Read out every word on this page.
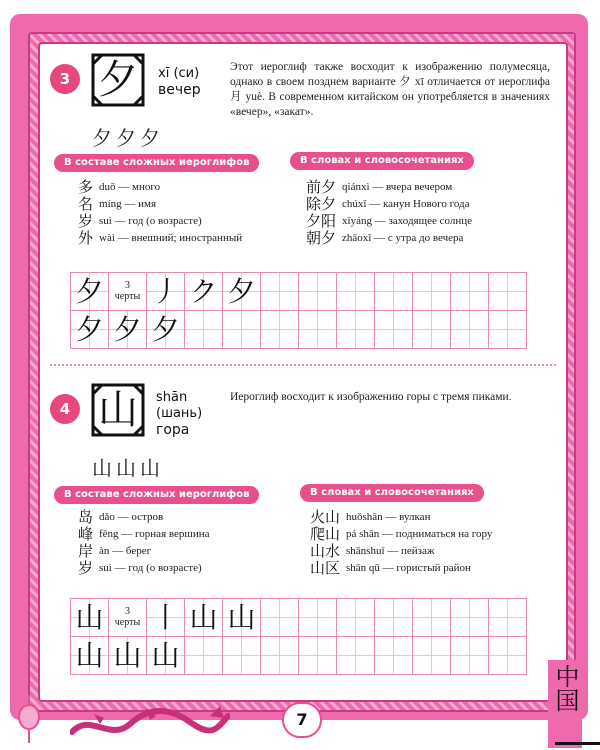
3 夕
夕夕夕
xī (си)
вечер
Этот иероглиф также восходит к изображению полумесяца, однако в своем позднем варианте 夕 xī отличается от иероглифа 月 yuè. В современном китайском он употребляется в значениях «вечер», «закат».
В составе сложных иероглифов	В словах и словосочетаниях
多 duō — много
名 míng — имя
岁 suì — год (о возрасте)
外 wài — внешний; иностранный
前夕 qiánxì — вчера вечером
除夕 chúxī — канун Нового года
夕阳 xīyáng — заходящее солнце
朝夕 zhāoxī — с утра до вечера
夕	3
черты 丿 ク 夕
夕 夕 夕
4 山
山山山
shān
(шань)
гора
Иероглиф восходит к изображению горы с тремя пиками.
В составе сложных иероглифов	В словах и словосочетаниях
岛 dǎo — остров
峰 fēng — горная вершина
岸 àn — берег
岁 suì — год (о возрасте)
火山 huǒshān — вулкан
爬山 pá shān — подниматься на гору
山水 shānshuǐ — пейзаж
山区 shān qū — гористый район
山	3
черты 丨 山 山
山 山 山
7
中国
